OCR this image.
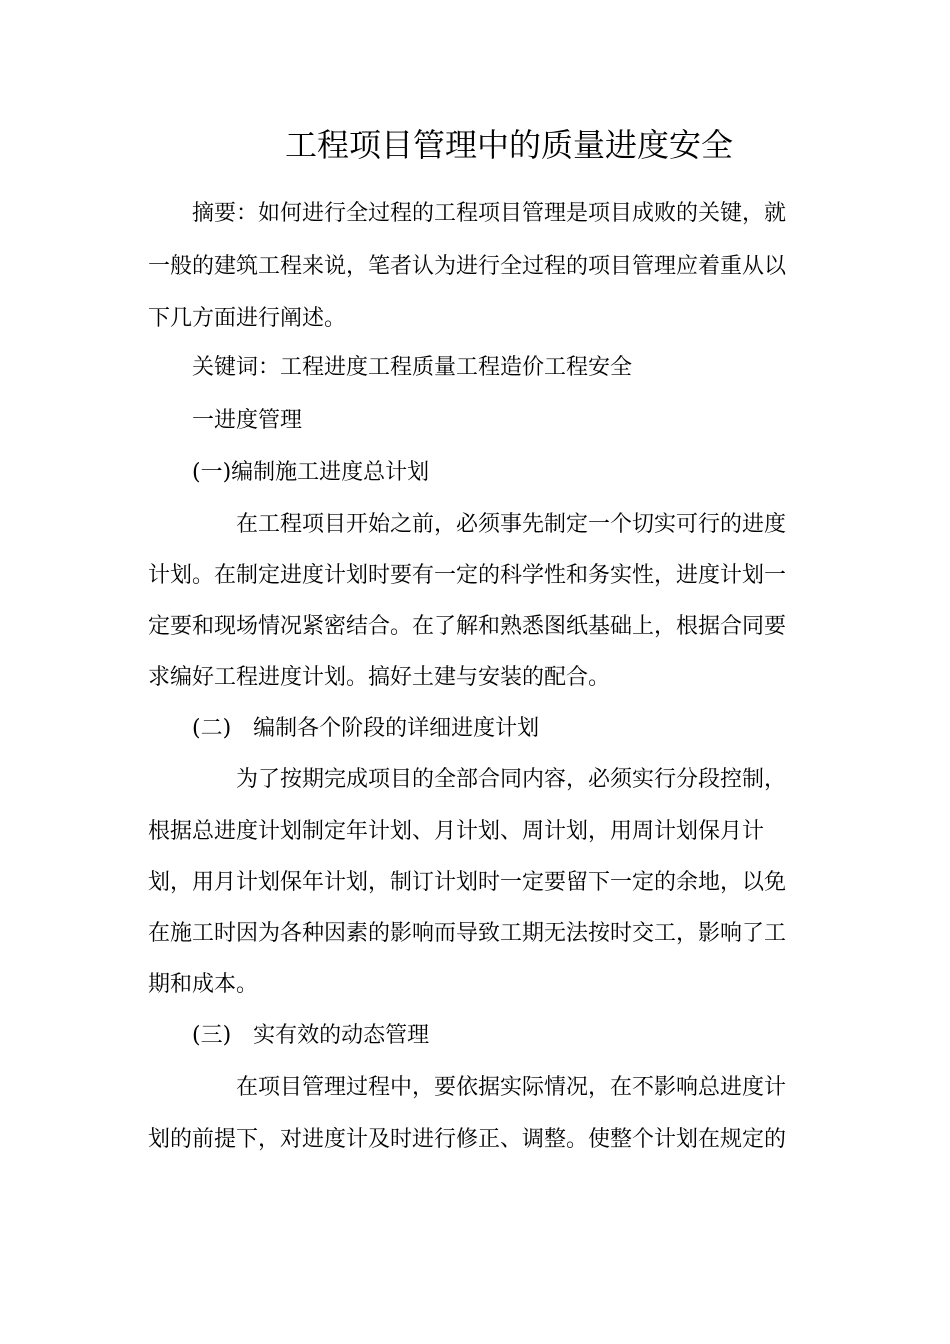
工程项目管理中的质量进度安全
摘要：如何进行全过程的工程项目管理是项目成败的关键，就
一般的建筑工程来说，笔者认为进行全过程的项目管理应着重从以
下几方面进行阐述。
关键词：工程进度工程质量工程造价工程安全
一进度管理
(一)编制施工进度总计划
在工程项目开始之前，必须事先制定一个切实可行的进度
计划。在制定进度计划时要有一定的科学性和务实性，进度计划一
定要和现场情况紧密结合。在了解和熟悉图纸基础上，根据合同要
求编好工程进度计划。搞好土建与安装的配合。
(二)　编制各个阶段的详细进度计划
为了按期完成项目的全部合同内容，必须实行分段控制，
根据总进度计划制定年计划、月计划、周计划，用周计划保月计
划，用月计划保年计划，制订计划时一定要留下一定的余地，以免
在施工时因为各种因素的影响而导致工期无法按时交工，影响了工
期和成本。
(三)　实有效的动态管理
在项目管理过程中，要依据实际情况，在不影响总进度计
划的前提下，对进度计及时进行修正、调整。使整个计划在规定的
